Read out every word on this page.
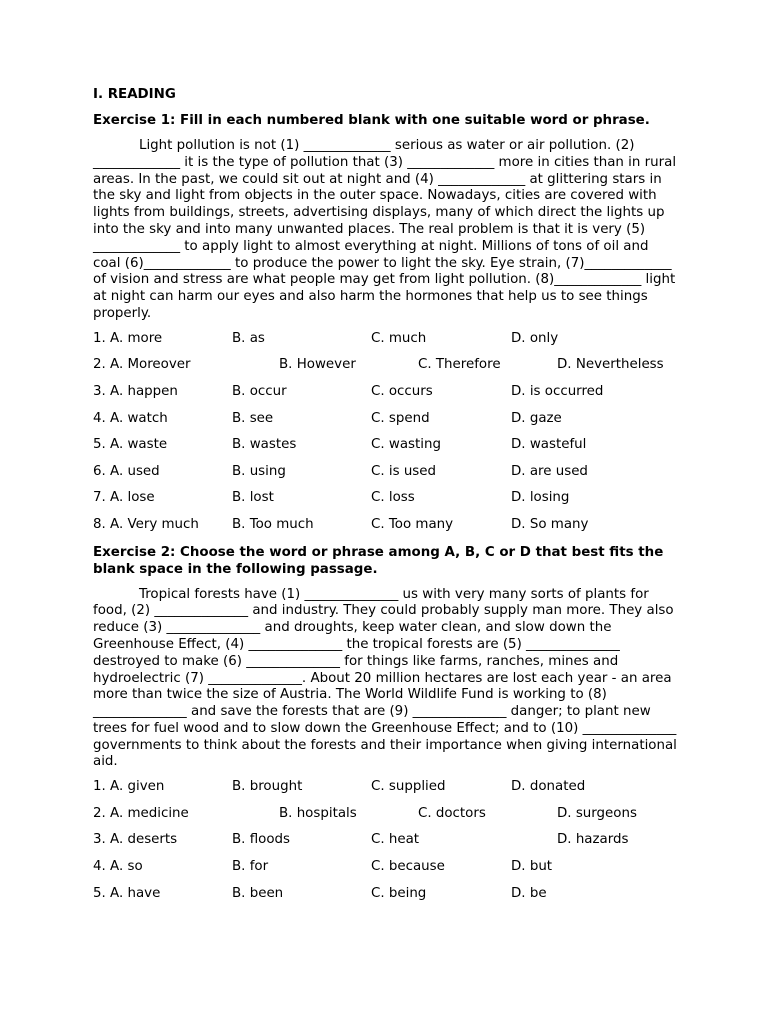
I. READING

Exercise 1: Fill in each numbered blank with one suitable word or phrase.

Light pollution is not (1) _____________ serious as water or air pollution. (2) _____________ it is the type of pollution that (3) _____________ more in cities than in rural areas. In the past, we could sit out at night and (4) _____________ at glittering stars in the sky and light from objects in the outer space. Nowadays, cities are covered with lights from buildings, streets, advertising displays, many of which direct the lights up into the sky and into many unwanted places. The real problem is that it is very (5) _____________ to apply light to almost everything at night. Millions of tons of oil and coal (6)_____________ to produce the power to light the sky. Eye strain, (7)_____________ of vision and stress are what people may get from light pollution. (8)_____________ light at night can harm our eyes and also harm the hormones that help us to see things properly.

1. A. more	B. as	C. much	D. only
2. A. Moreover	B. However	C. Therefore	D. Nevertheless
3. A. happen	B. occur	C. occurs	D. is occurred
4. A. watch	B. see	C. spend	D. gaze
5. A. waste	B. wastes	C. wasting	D. wasteful
6. A. used	B. using	C. is used	D. are used
7. A. lose	B. lost	C. loss	D. losing
8. A. Very much B. Too much	C. Too many	D. So many

Exercise 2: Choose the word or phrase among A, B, C or D that best fits the blank space in the following passage.

Tropical forests have (1) ______________ us with very many sorts of plants for food, (2) ______________ and industry. They could probably supply man more. They also reduce (3) ______________ and droughts, keep water clean, and slow down the Greenhouse Effect, (4) ______________ the tropical forests are (5) ______________ destroyed to make (6) ______________ for things like farms, ranches, mines and hydroelectric (7) ______________. About 20 million hectares are lost each year - an area more than twice the size of Austria. The World Wildlife Fund is working to (8) ______________ and save the forests that are (9) ______________ danger; to plant new trees for fuel wood and to slow down the Greenhouse Effect; and to (10) ______________ governments to think about the forests and their importance when giving international aid.

1. A. given	B. brought	C. supplied	D. donated
2. A. medicine	B. hospitals	C. doctors	D. surgeons
3. A. deserts	B. floods	C. heat	D. hazards
4. A. so	B. for	C. because	D. but
5. A. have	B. been	C. being	D. be
